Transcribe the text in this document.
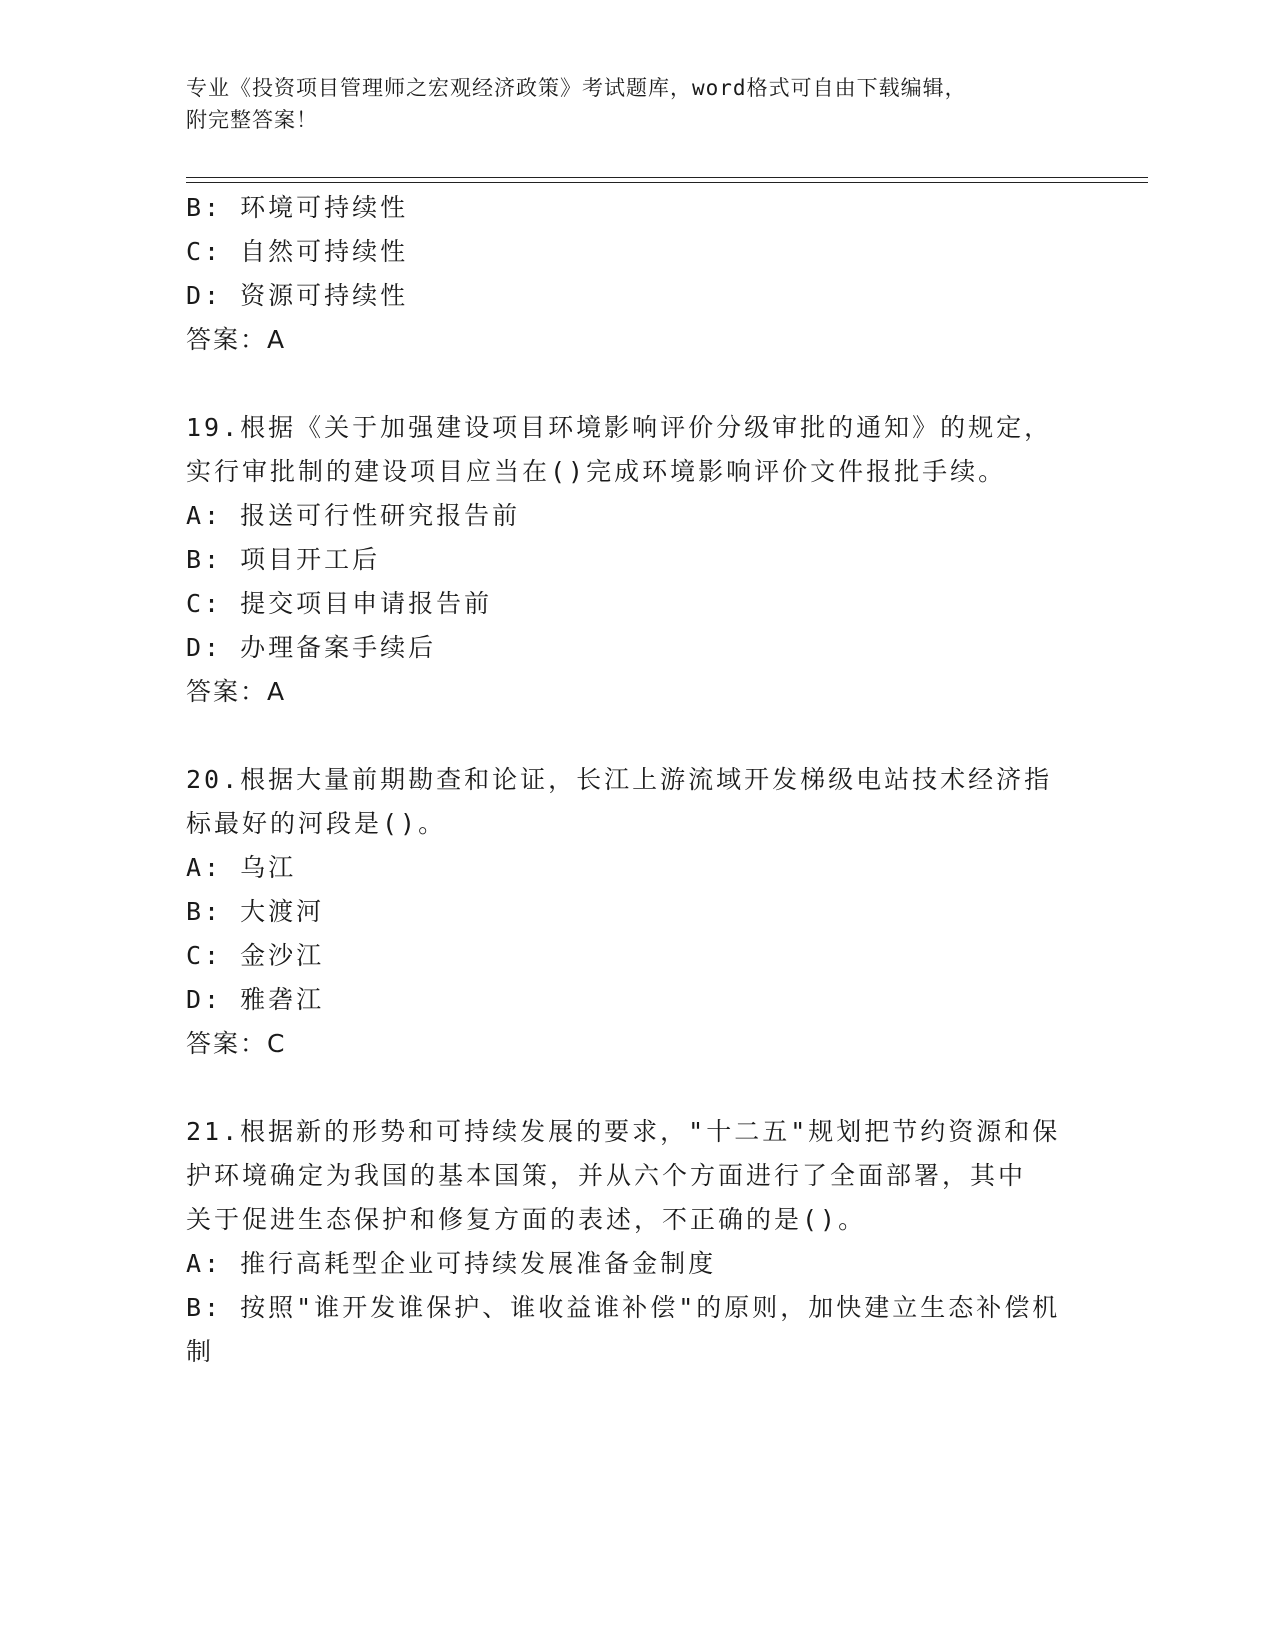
专业《投资项目管理师之宏观经济政策》考试题库，word格式可自由下载编辑，
附完整答案！
B: 环境可持续性
C: 自然可持续性
D: 资源可持续性
答案：A
19.根据《关于加强建设项目环境影响评价分级审批的通知》的规定，
实行审批制的建设项目应当在()完成环境影响评价文件报批手续。
A: 报送可行性研究报告前
B: 项目开工后
C: 提交项目申请报告前
D: 办理备案手续后
答案：A
20.根据大量前期勘查和论证，长江上游流域开发梯级电站技术经济指
标最好的河段是()。
A: 乌江
B: 大渡河
C: 金沙江
D: 雅砻江
答案：C
21.根据新的形势和可持续发展的要求，"十二五"规划把节约资源和保
护环境确定为我国的基本国策，并从六个方面进行了全面部署，其中
关于促进生态保护和修复方面的表述，不正确的是()。
A: 推行高耗型企业可持续发展准备金制度
B: 按照"谁开发谁保护、谁收益谁补偿"的原则，加快建立生态补偿机
制
